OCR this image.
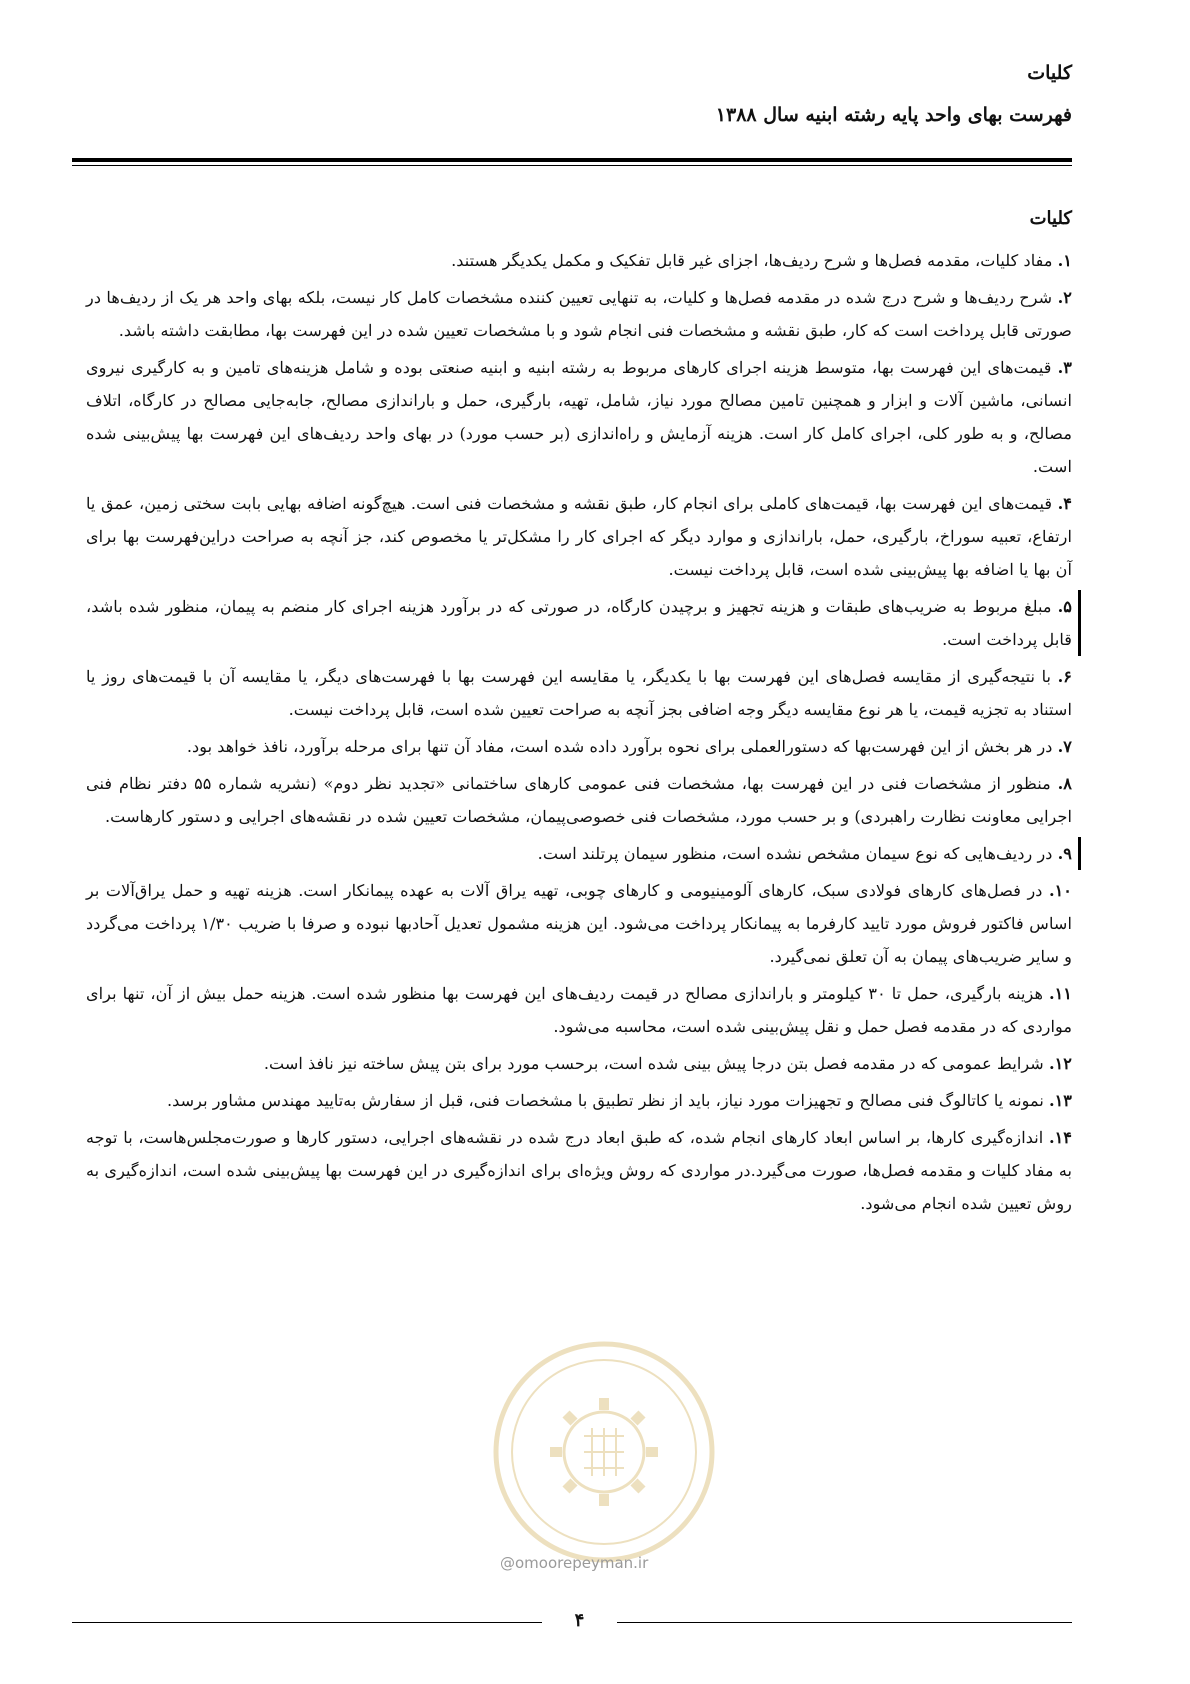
کلیات
فهرست بهای واحد پایه رشته ابنیه سال ۱۳۸۸
کلیات

۱. مفاد کلیات، مقدمه فصل‌ها و شرح ردیف‌ها، اجزای غیر قابل تفکیک و مکمل یکدیگر هستند.

۲. شرح ردیف‌ها و شرح درج شده در مقدمه فصل‌ها و کلیات، به تنهایی تعیین کننده مشخصات کامل کار نیست، بلکه بهای واحد هر یک از ردیف‌ها در صورتی قابل پرداخت است که کار، طبق نقشه و مشخصات فنی انجام شود و با مشخصات تعیین شده در این فهرست بها، مطابقت داشته باشد.

۳. قیمت‌های این فهرست بها، متوسط هزینه اجرای کارهای مربوط به رشته ابنیه و ابنیه صنعتی بوده و شامل هزینه‌های تامین و به کارگیری نیروی انسانی، ماشین آلات و ابزار و همچنین تامین مصالح مورد نیاز، شامل، تهیه، بارگیری، حمل و باراندازی مصالح، جابه‌جایی مصالح در کارگاه، اتلاف مصالح، و به طور کلی، اجرای کامل کار است. هزینه آزمایش و راه‌اندازی (بر حسب مورد) در بهای واحد ردیف‌های این فهرست بها پیش‌بینی شده است.

۴. قیمت‌های این فهرست بها، قیمت‌های کاملی برای انجام کار، طبق نقشه و مشخصات فنی است. هیچ‌گونه اضافه بهایی بابت سختی زمین، عمق یا ارتفاع، تعبیه سوراخ، بارگیری، حمل، باراندازی و موارد دیگر که اجرای کار را مشکل‌تر یا مخصوص کند، جز آنچه به صراحت دراین‌فهرست بها برای آن بها یا اضافه بها پیش‌بینی شده است، قابل پرداخت نیست.

۵. مبلغ مربوط به ضریب‌های طبقات و هزینه تجهیز و برچیدن کارگاه، در صورتی که در برآورد هزینه اجرای کار منضم به پیمان، منظور شده باشد، قابل پرداخت است.

۶. با نتیجه‌گیری از مقایسه فصل‌های این فهرست بها با یکدیگر، یا مقایسه این فهرست بها با فهرست‌های دیگر، یا مقایسه آن با قیمت‌های روز یا استناد به تجزیه قیمت، یا هر نوع مقایسه دیگر وجه اضافی بجز آنچه به صراحت تعیین شده است، قابل پرداخت نیست.

۷. در هر بخش از این فهرست‌بها که دستورالعملی برای نحوه برآورد داده شده است، مفاد آن تنها برای مرحله برآورد، نافذ خواهد بود.

۸. منظور از مشخصات فنی در این فهرست بها، مشخصات فنی عمومی کارهای ساختمانی «تجدید نظر دوم» (نشریه شماره ۵۵ دفتر نظام فنی اجرایی معاونت نظارت راهبردی) و بر حسب مورد، مشخصات فنی خصوصی‌پیمان، مشخصات تعیین شده در نقشه‌های اجرایی و دستور کارهاست.

۹. در ردیف‌هایی که نوع سیمان مشخص نشده است، منظور سیمان پرتلند است.

۱۰. در فصل‌های کارهای فولادی سبک، کارهای آلومینیومی و کارهای چوبی، تهیه یراق آلات به عهده پیمانکار است. هزینه تهیه و حمل یراق‌آلات بر اساس فاکتور فروش مورد تایید کارفرما به پیمانکار پرداخت می‌شود. این هزینه مشمول تعدیل آحادبها نبوده و صرفا با ضریب ۱/۳۰ پرداخت می‌گردد و سایر ضریب‌های پیمان به آن تعلق نمی‌گیرد.

۱۱. هزینه بارگیری، حمل تا ۳۰ کیلومتر و باراندازی مصالح در قیمت ردیف‌های این فهرست بها منظور شده است. هزینه حمل بیش از آن، تنها برای مواردی که در مقدمه فصل حمل و نقل پیش‌بینی شده است، محاسبه می‌شود.

۱۲. شرایط عمومی که در مقدمه فصل بتن درجا پیش بینی شده است، برحسب مورد برای بتن پیش ساخته نیز نافذ است.

۱۳. نمونه یا کاتالوگ فنی مصالح و تجهیزات مورد نیاز، باید از نظر تطبیق با مشخصات فنی، قبل از سفارش به‌تایید مهندس مشاور برسد.

۱۴. اندازه‌گیری کارها، بر اساس ابعاد کارهای انجام شده، که طبق ابعاد درج شده در نقشه‌های اجرایی، دستور کارها و صورت‌مجلس‌هاست، با توجه به مفاد کلیات و مقدمه فصل‌ها، صورت می‌گیرد.در مواردی که روش ویژه‌ای برای اندازه‌گیری در این فهرست بها پیش‌بینی شده است، اندازه‌گیری به روش تعیین شده انجام می‌شود.

@omoorepeyman.ir
۴
